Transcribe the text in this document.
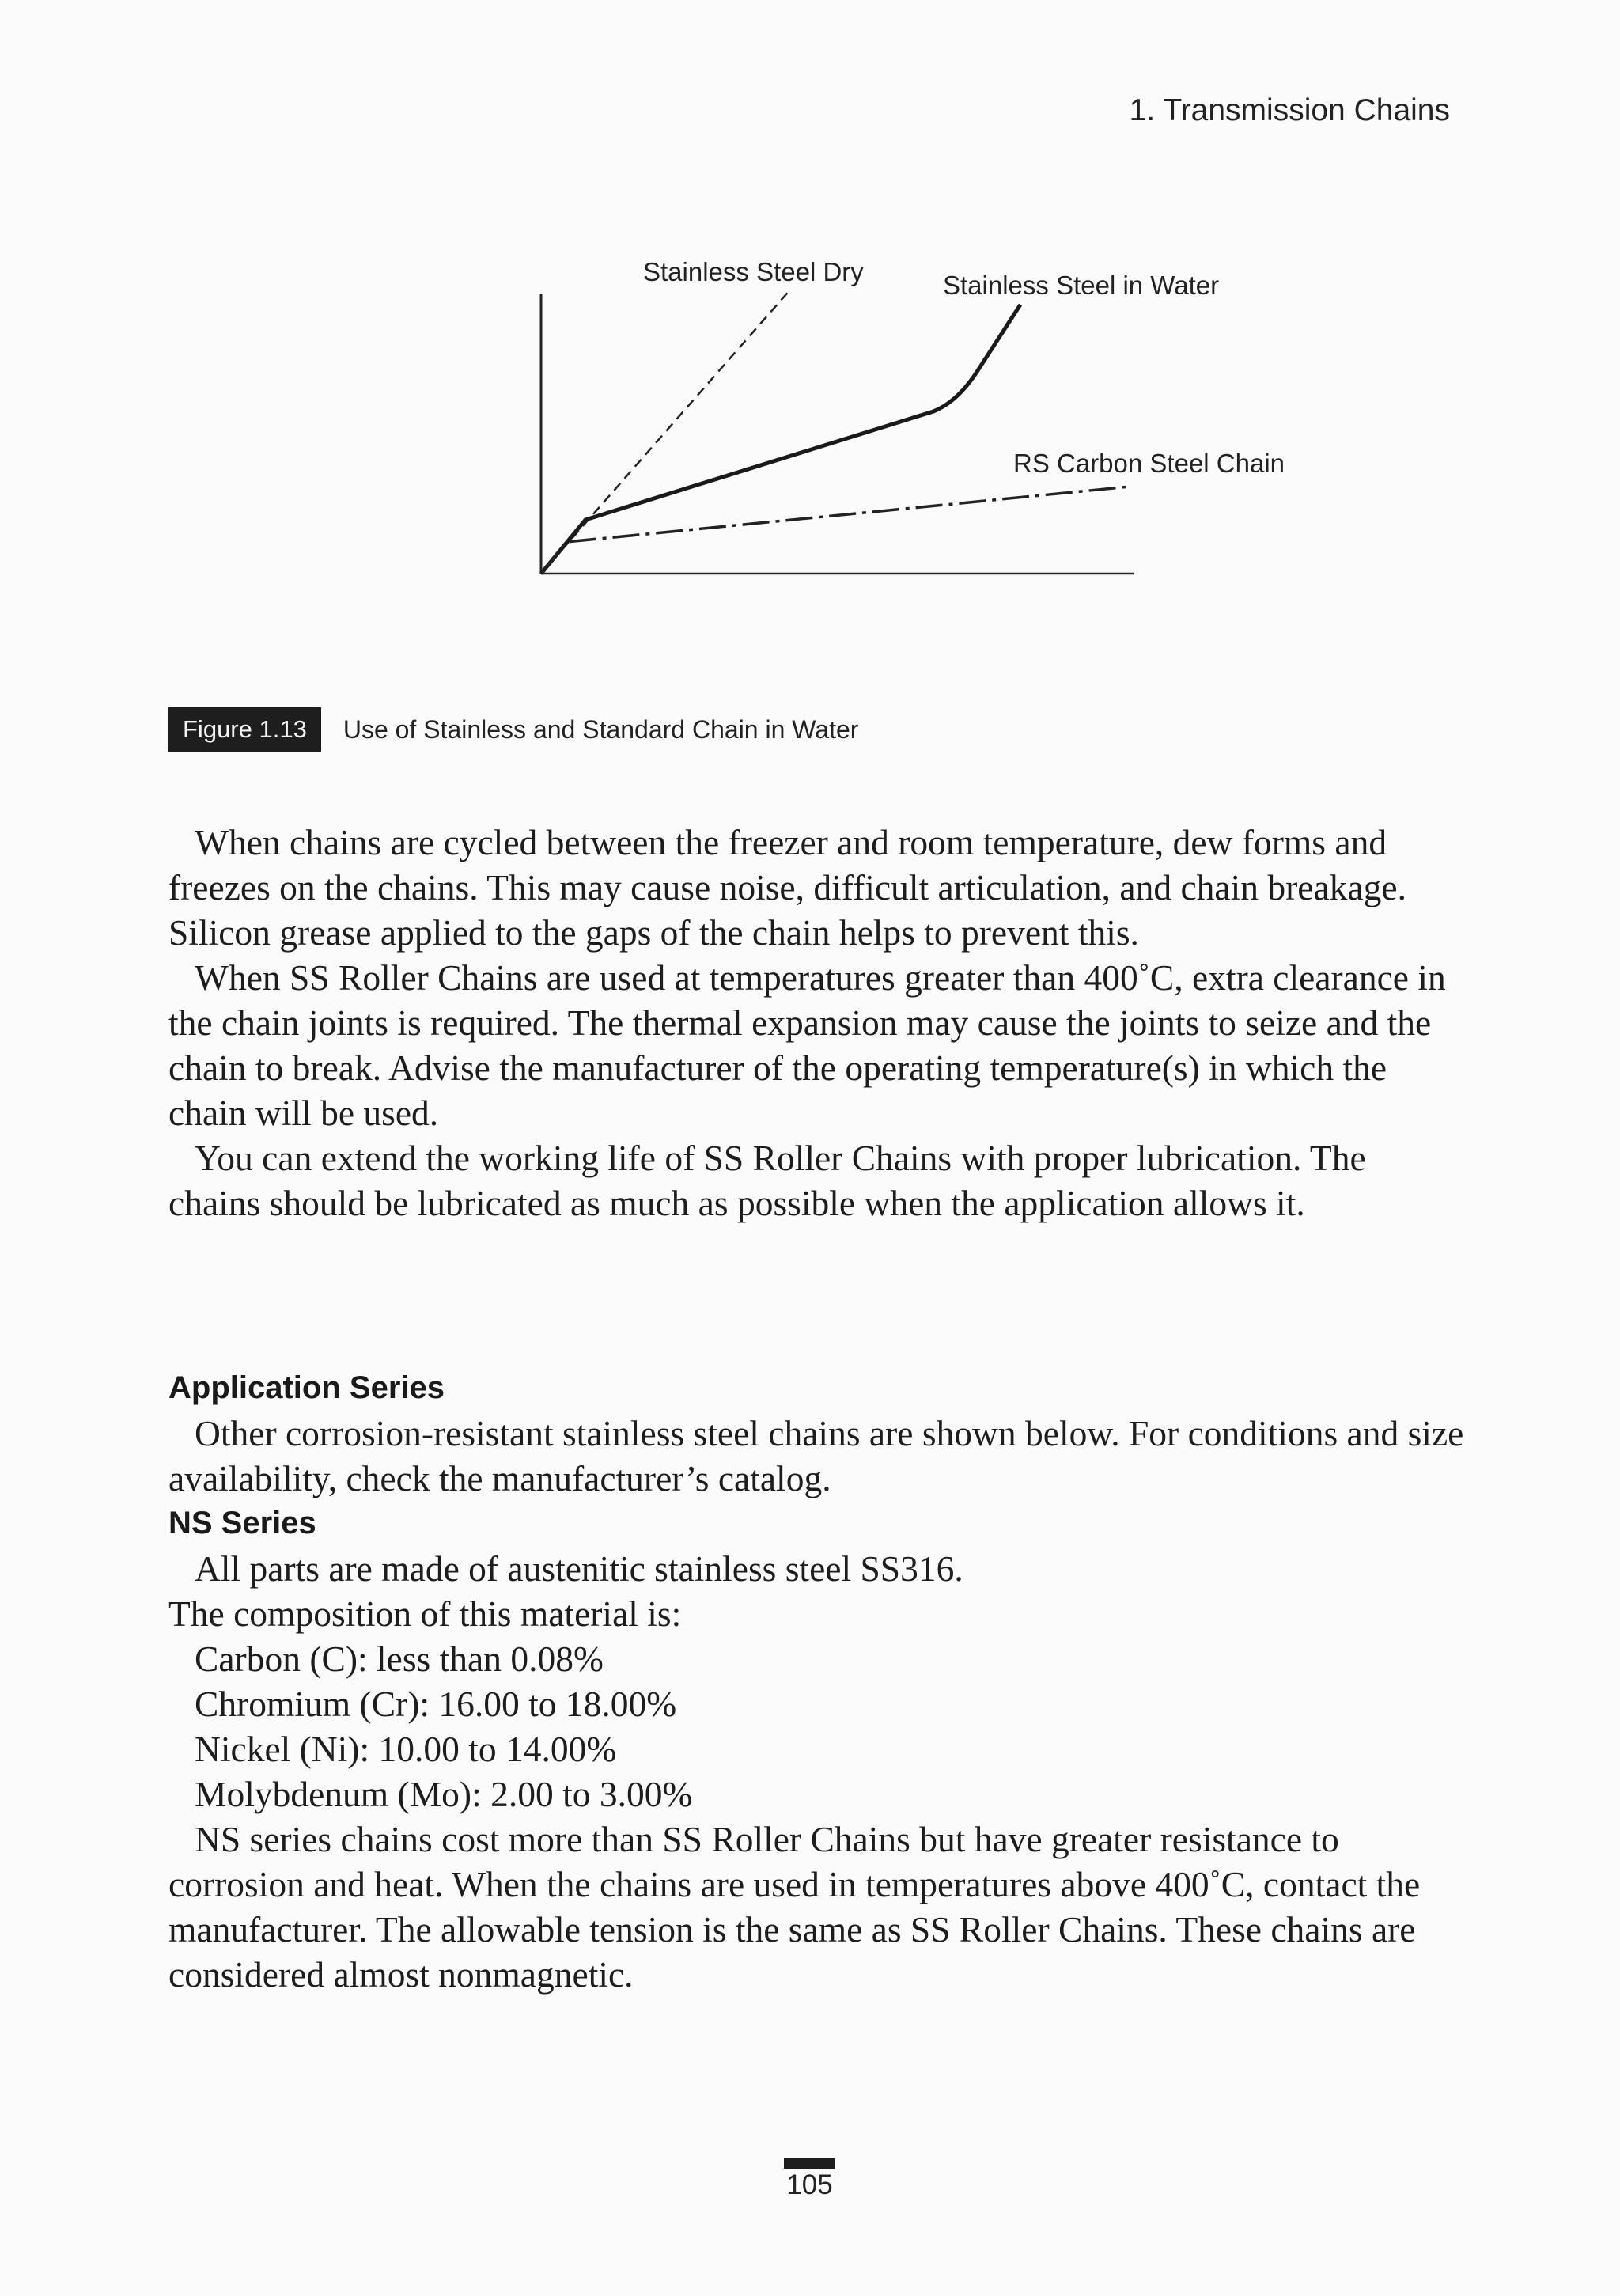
1. Transmission Chains
Stainless Steel Dry	Stainless Steel in Water
RS Carbon Steel Chain
Figure 1.13	Use of Stainless and Standard Chain in Water

When chains are cycled between the freezer and room temperature, dew forms and freezes on the chains. This may cause noise, difficult articulation, and chain breakage. Silicon grease applied to the gaps of the chain helps to prevent this.

When SS Roller Chains are used at temperatures greater than 400˚C, extra clearance in the chain joints is required. The thermal expansion may cause the joints to seize and the chain to break. Advise the manufacturer of the operating temperature(s) in which the chain will be used.

You can extend the working life of SS Roller Chains with proper lubrication. The chains should be lubricated as much as possible when the application allows it.

Application Series

Other corrosion-resistant stainless steel chains are shown below. For conditions and size availability, check the manufacturer’s catalog.

NS Series

All parts are made of austenitic stainless steel SS316.

The composition of this material is:

Carbon (C): less than 0.08%

Chromium (Cr): 16.00 to 18.00%

Nickel (Ni): 10.00 to 14.00%

Molybdenum (Mo): 2.00 to 3.00%

NS series chains cost more than SS Roller Chains but have greater resistance to corrosion and heat. When the chains are used in temperatures above 400˚C, contact the manufacturer. The allowable tension is the same as SS Roller Chains. These chains are considered almost nonmagnetic.

105
